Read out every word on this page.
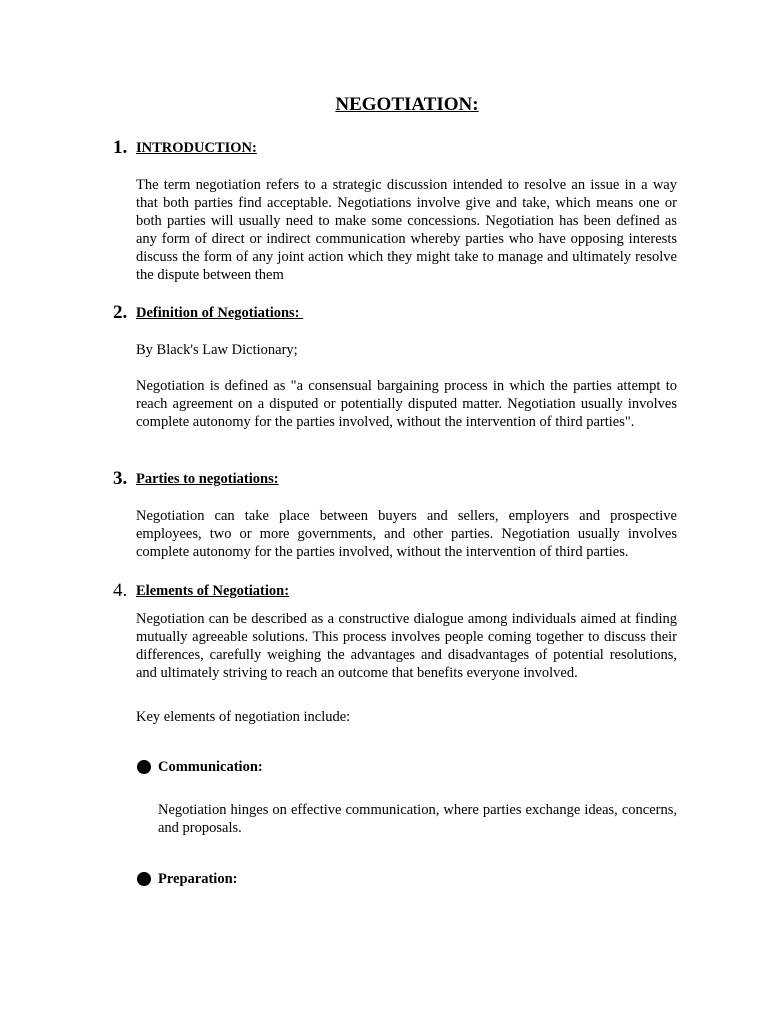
NEGOTIATION:
1. INTRODUCTION:
The term negotiation refers to a strategic discussion intended to resolve an issue in a way that both parties find acceptable. Negotiations involve give and take, which means one or both parties will usually need to make some concessions. Negotiation has been defined as any form of direct or indirect communication whereby parties who have opposing interests discuss the form of any joint action which they might take to manage and ultimately resolve the dispute between them
2. Definition of Negotiations:
By Black's Law Dictionary;
Negotiation is defined as "a consensual bargaining process in which the parties attempt to reach agreement on a disputed or potentially disputed matter. Negotiation usually involves complete autonomy for the parties involved, without the intervention of third parties".
3. Parties to negotiations:
Negotiation can take place between buyers and sellers, employers and prospective employees, two or more governments, and other parties. Negotiation usually involves complete autonomy for the parties involved, without the intervention of third parties.
4. Elements of Negotiation:
Negotiation can be described as a constructive dialogue among individuals aimed at finding mutually agreeable solutions. This process involves people coming together to discuss their differences, carefully weighing the advantages and disadvantages of potential resolutions, and ultimately striving to reach an outcome that benefits everyone involved.
Key elements of negotiation include:
Communication:
Negotiation hinges on effective communication, where parties exchange ideas, concerns, and proposals.
Preparation:
